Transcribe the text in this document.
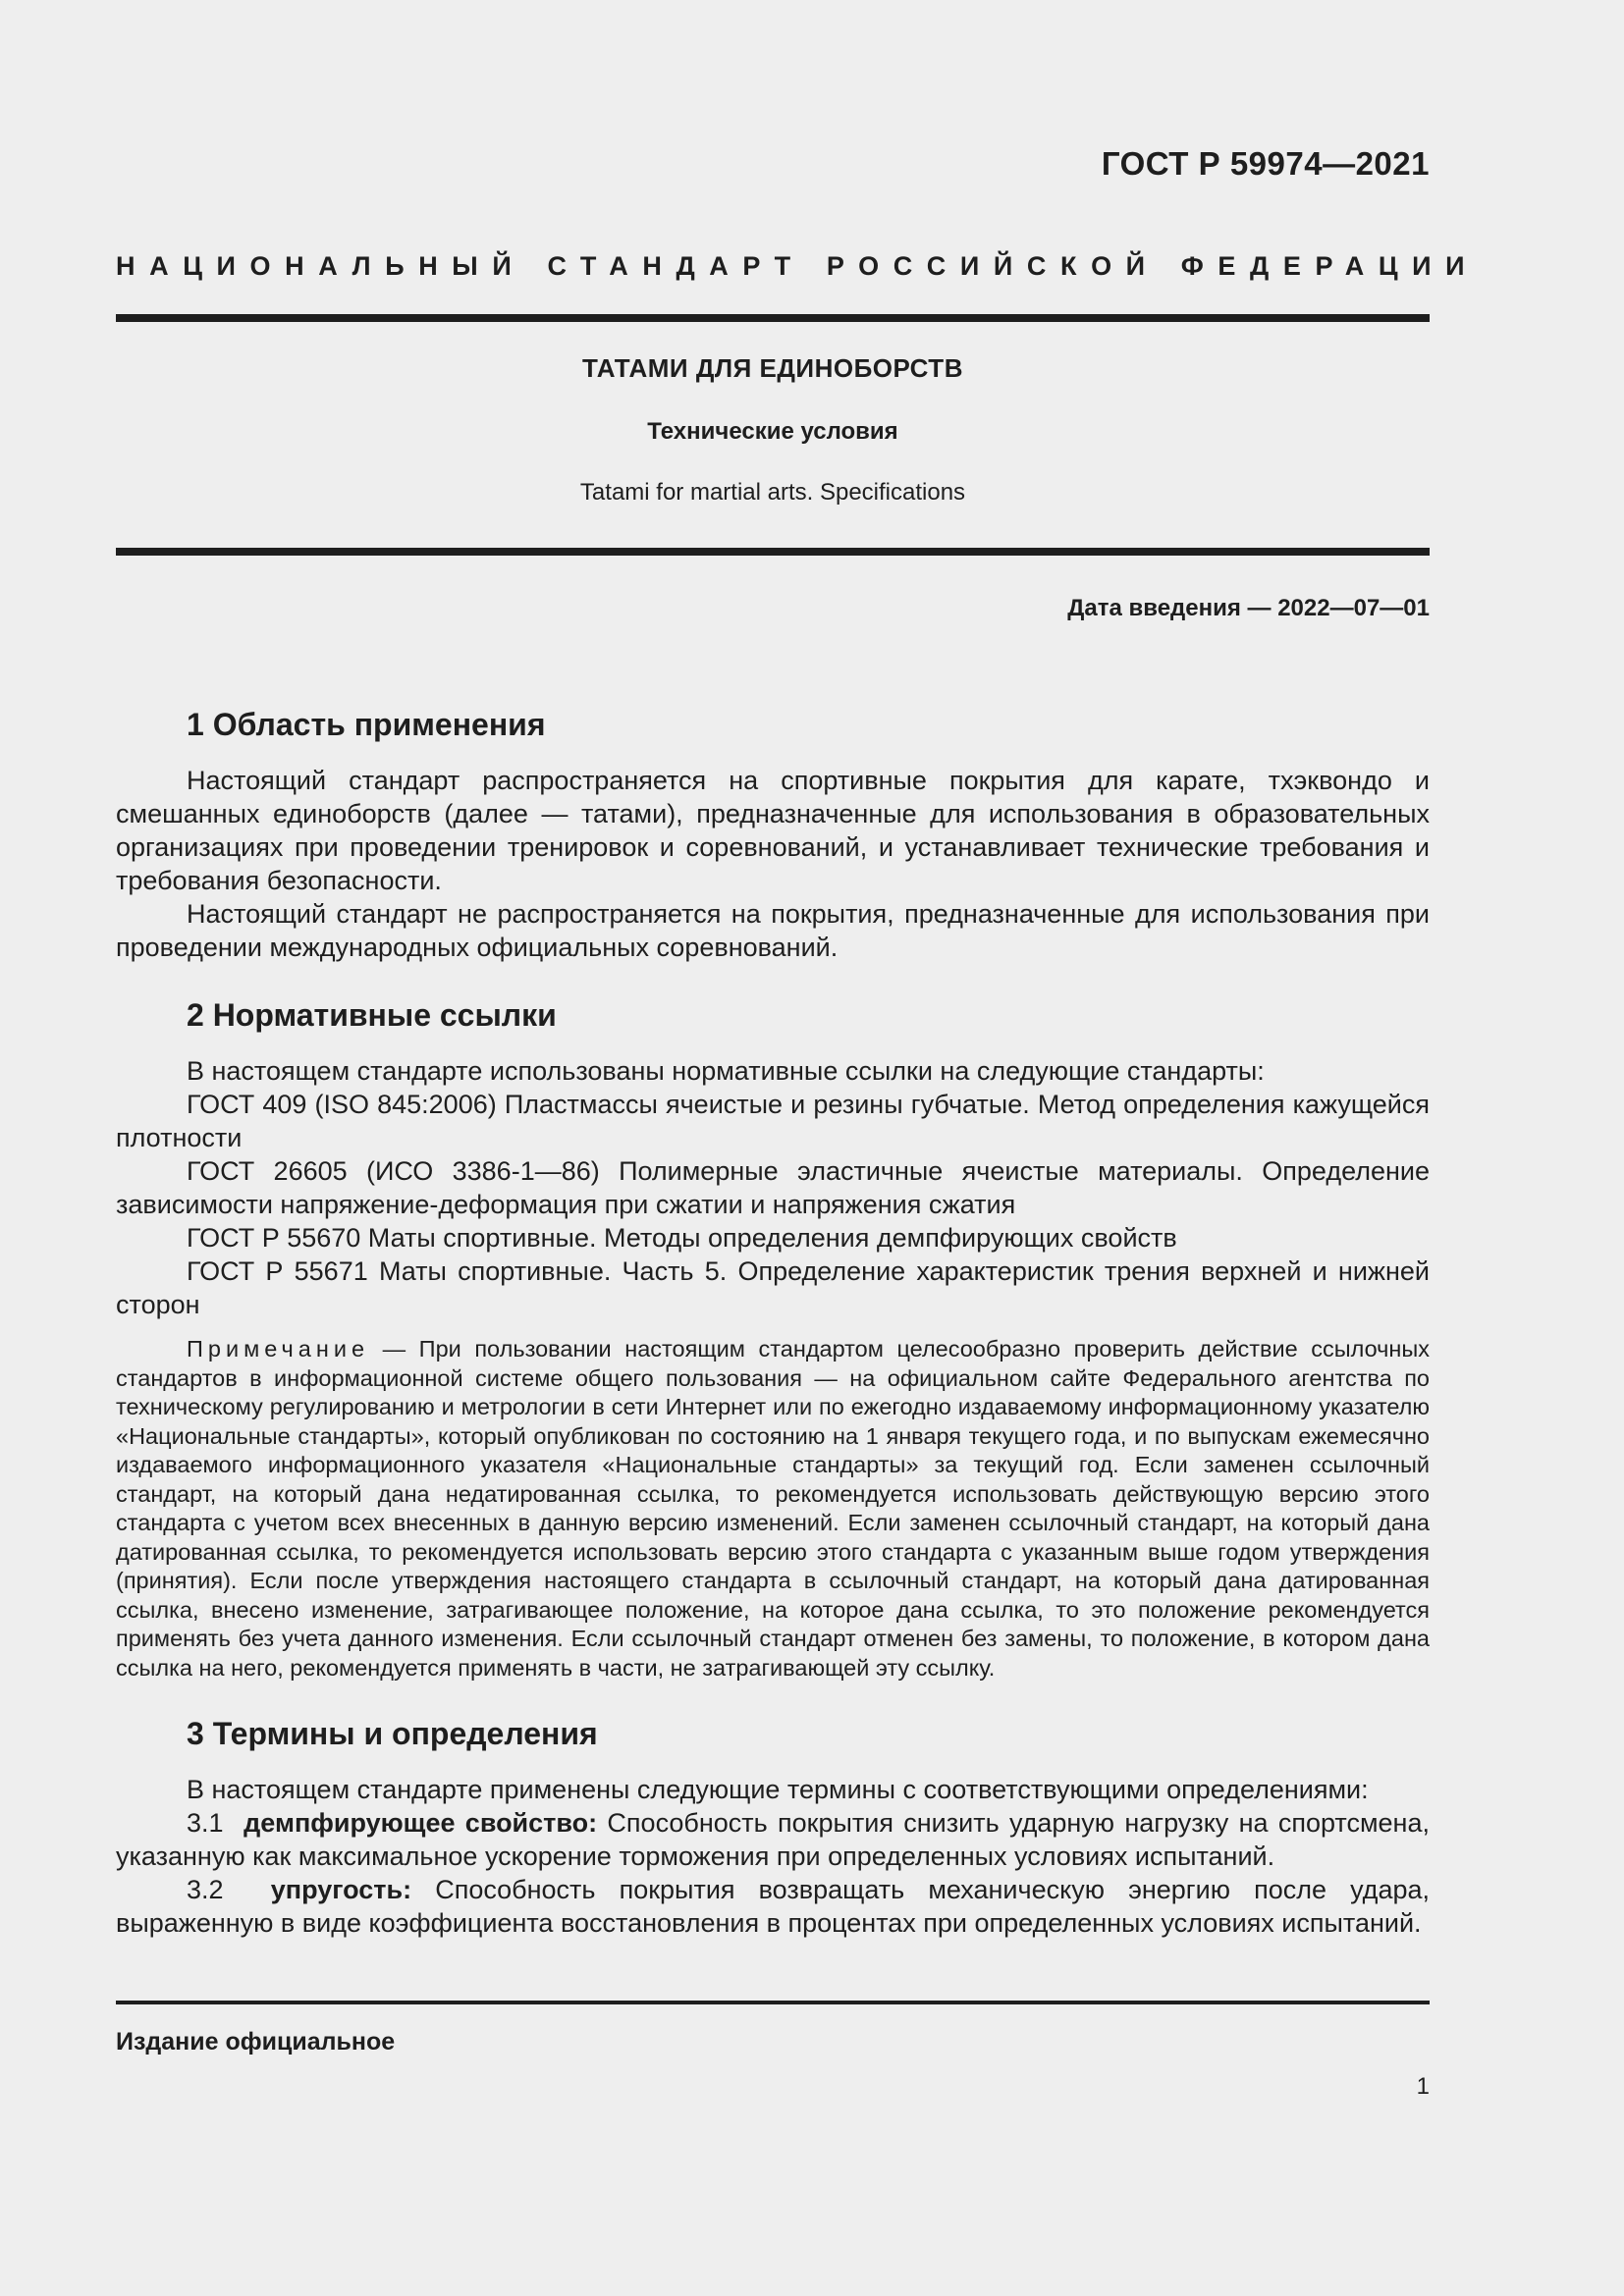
ГОСТ Р 59974—2021
НАЦИОНАЛЬНЫЙ СТАНДАРТ РОССИЙСКОЙ ФЕДЕРАЦИИ
ТАТАМИ ДЛЯ ЕДИНОБОРСТВ
Технические условия
Tatami for martial arts. Specifications
Дата введения — 2022—07—01
1 Область применения

Настоящий стандарт распространяется на спортивные покрытия для карате, тхэквондо и смешанных единоборств (далее — татами), предназначенные для использования в образовательных организациях при проведении тренировок и соревнований, и устанавливает технические требования и требования безопасности.

Настоящий стандарт не распространяется на покрытия, предназначенные для использования при проведении международных официальных соревнований.

2 Нормативные ссылки

В настоящем стандарте использованы нормативные ссылки на следующие стандарты:

ГОСТ 409 (ISO 845:2006) Пластмассы ячеистые и резины губчатые. Метод определения кажущейся плотности

ГОСТ 26605 (ИСО 3386-1—86) Полимерные эластичные ячеистые материалы. Определение зависимости напряжение-деформация при сжатии и напряжения сжатия

ГОСТ Р 55670 Маты спортивные. Методы определения демпфирующих свойств

ГОСТ Р 55671 Маты спортивные. Часть 5. Определение характеристик трения верхней и нижней сторон

Примечание — При пользовании настоящим стандартом целесообразно проверить действие ссылочных стандартов в информационной системе общего пользования — на официальном сайте Федерального агентства по техническому регулированию и метрологии в сети Интернет или по ежегодно издаваемому информационному указателю «Национальные стандарты», который опубликован по состоянию на 1 января текущего года, и по выпускам ежемесячно издаваемого информационного указателя «Национальные стандарты» за текущий год. Если заменен ссылочный стандарт, на который дана недатированная ссылка, то рекомендуется использовать действующую версию этого стандарта с учетом всех внесенных в данную версию изменений. Если заменен ссылочный стандарт, на который дана датированная ссылка, то рекомендуется использовать версию этого стандарта с указанным выше годом утверждения (принятия). Если после утверждения настоящего стандарта в ссылочный стандарт, на который дана датированная ссылка, внесено изменение, затрагивающее положение, на которое дана ссылка, то это положение рекомендуется применять без учета данного изменения. Если ссылочный стандарт отменен без замены, то положение, в котором дана ссылка на него, рекомендуется применять в части, не затрагивающей эту ссылку.

3 Термины и определения

В настоящем стандарте применены следующие термины с соответствующими определениями:

3.1 демпфирующее свойство: Способность покрытия снизить ударную нагрузку на спортсмена, указанную как максимальное ускорение торможения при определенных условиях испытаний.

3.2 упругость: Способность покрытия возвращать механическую энергию после удара, выраженную в виде коэффициента восстановления в процентах при определенных условиях испытаний.

Издание официальное
1
